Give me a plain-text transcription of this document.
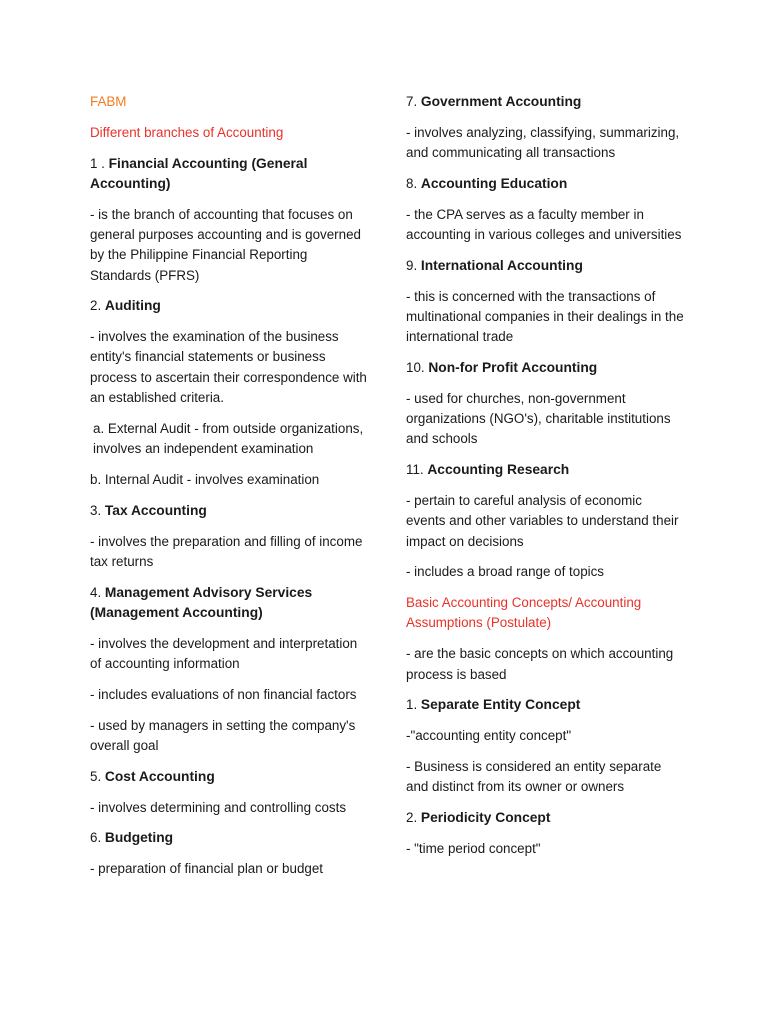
FABM

Different branches of Accounting

1 . Financial Accounting (General Accounting)

- is the branch of accounting that focuses on general purposes accounting and is governed by the Philippine Financial Reporting Standards (PFRS)

2. Auditing

- involves the examination of the business entity's financial statements or business process to ascertain their correspondence with an established criteria.

a. External Audit - from outside organizations, involves an independent examination

b. Internal Audit - involves examination

3. Tax Accounting

- involves the preparation and filling of income tax returns

4. Management Advisory Services (Management Accounting)

- involves the development and interpretation of accounting information

- includes evaluations of non financial factors

- used by managers in setting the company's overall goal

5. Cost Accounting

- involves determining and controlling costs

6. Budgeting

- preparation of financial plan or budget

7. Government Accounting

- involves analyzing, classifying, summarizing, and communicating all transactions

8. Accounting Education

- the CPA serves as a faculty member in accounting in various colleges and universities

9. International Accounting

- this is concerned with the transactions of multinational companies in their dealings in the international trade

10. Non-for Profit Accounting

- used for churches, non-government organizations (NGO's), charitable institutions and schools

11. Accounting Research

- pertain to careful analysis of economic events and other variables to understand their impact on decisions

- includes a broad range of topics

Basic Accounting Concepts/ Accounting Assumptions (Postulate)

- are the basic concepts on which accounting process is based

1. Separate Entity Concept

-"accounting entity concept"

- Business is considered an entity separate and distinct from its owner or owners

2. Periodicity Concept

- "time period concept"
